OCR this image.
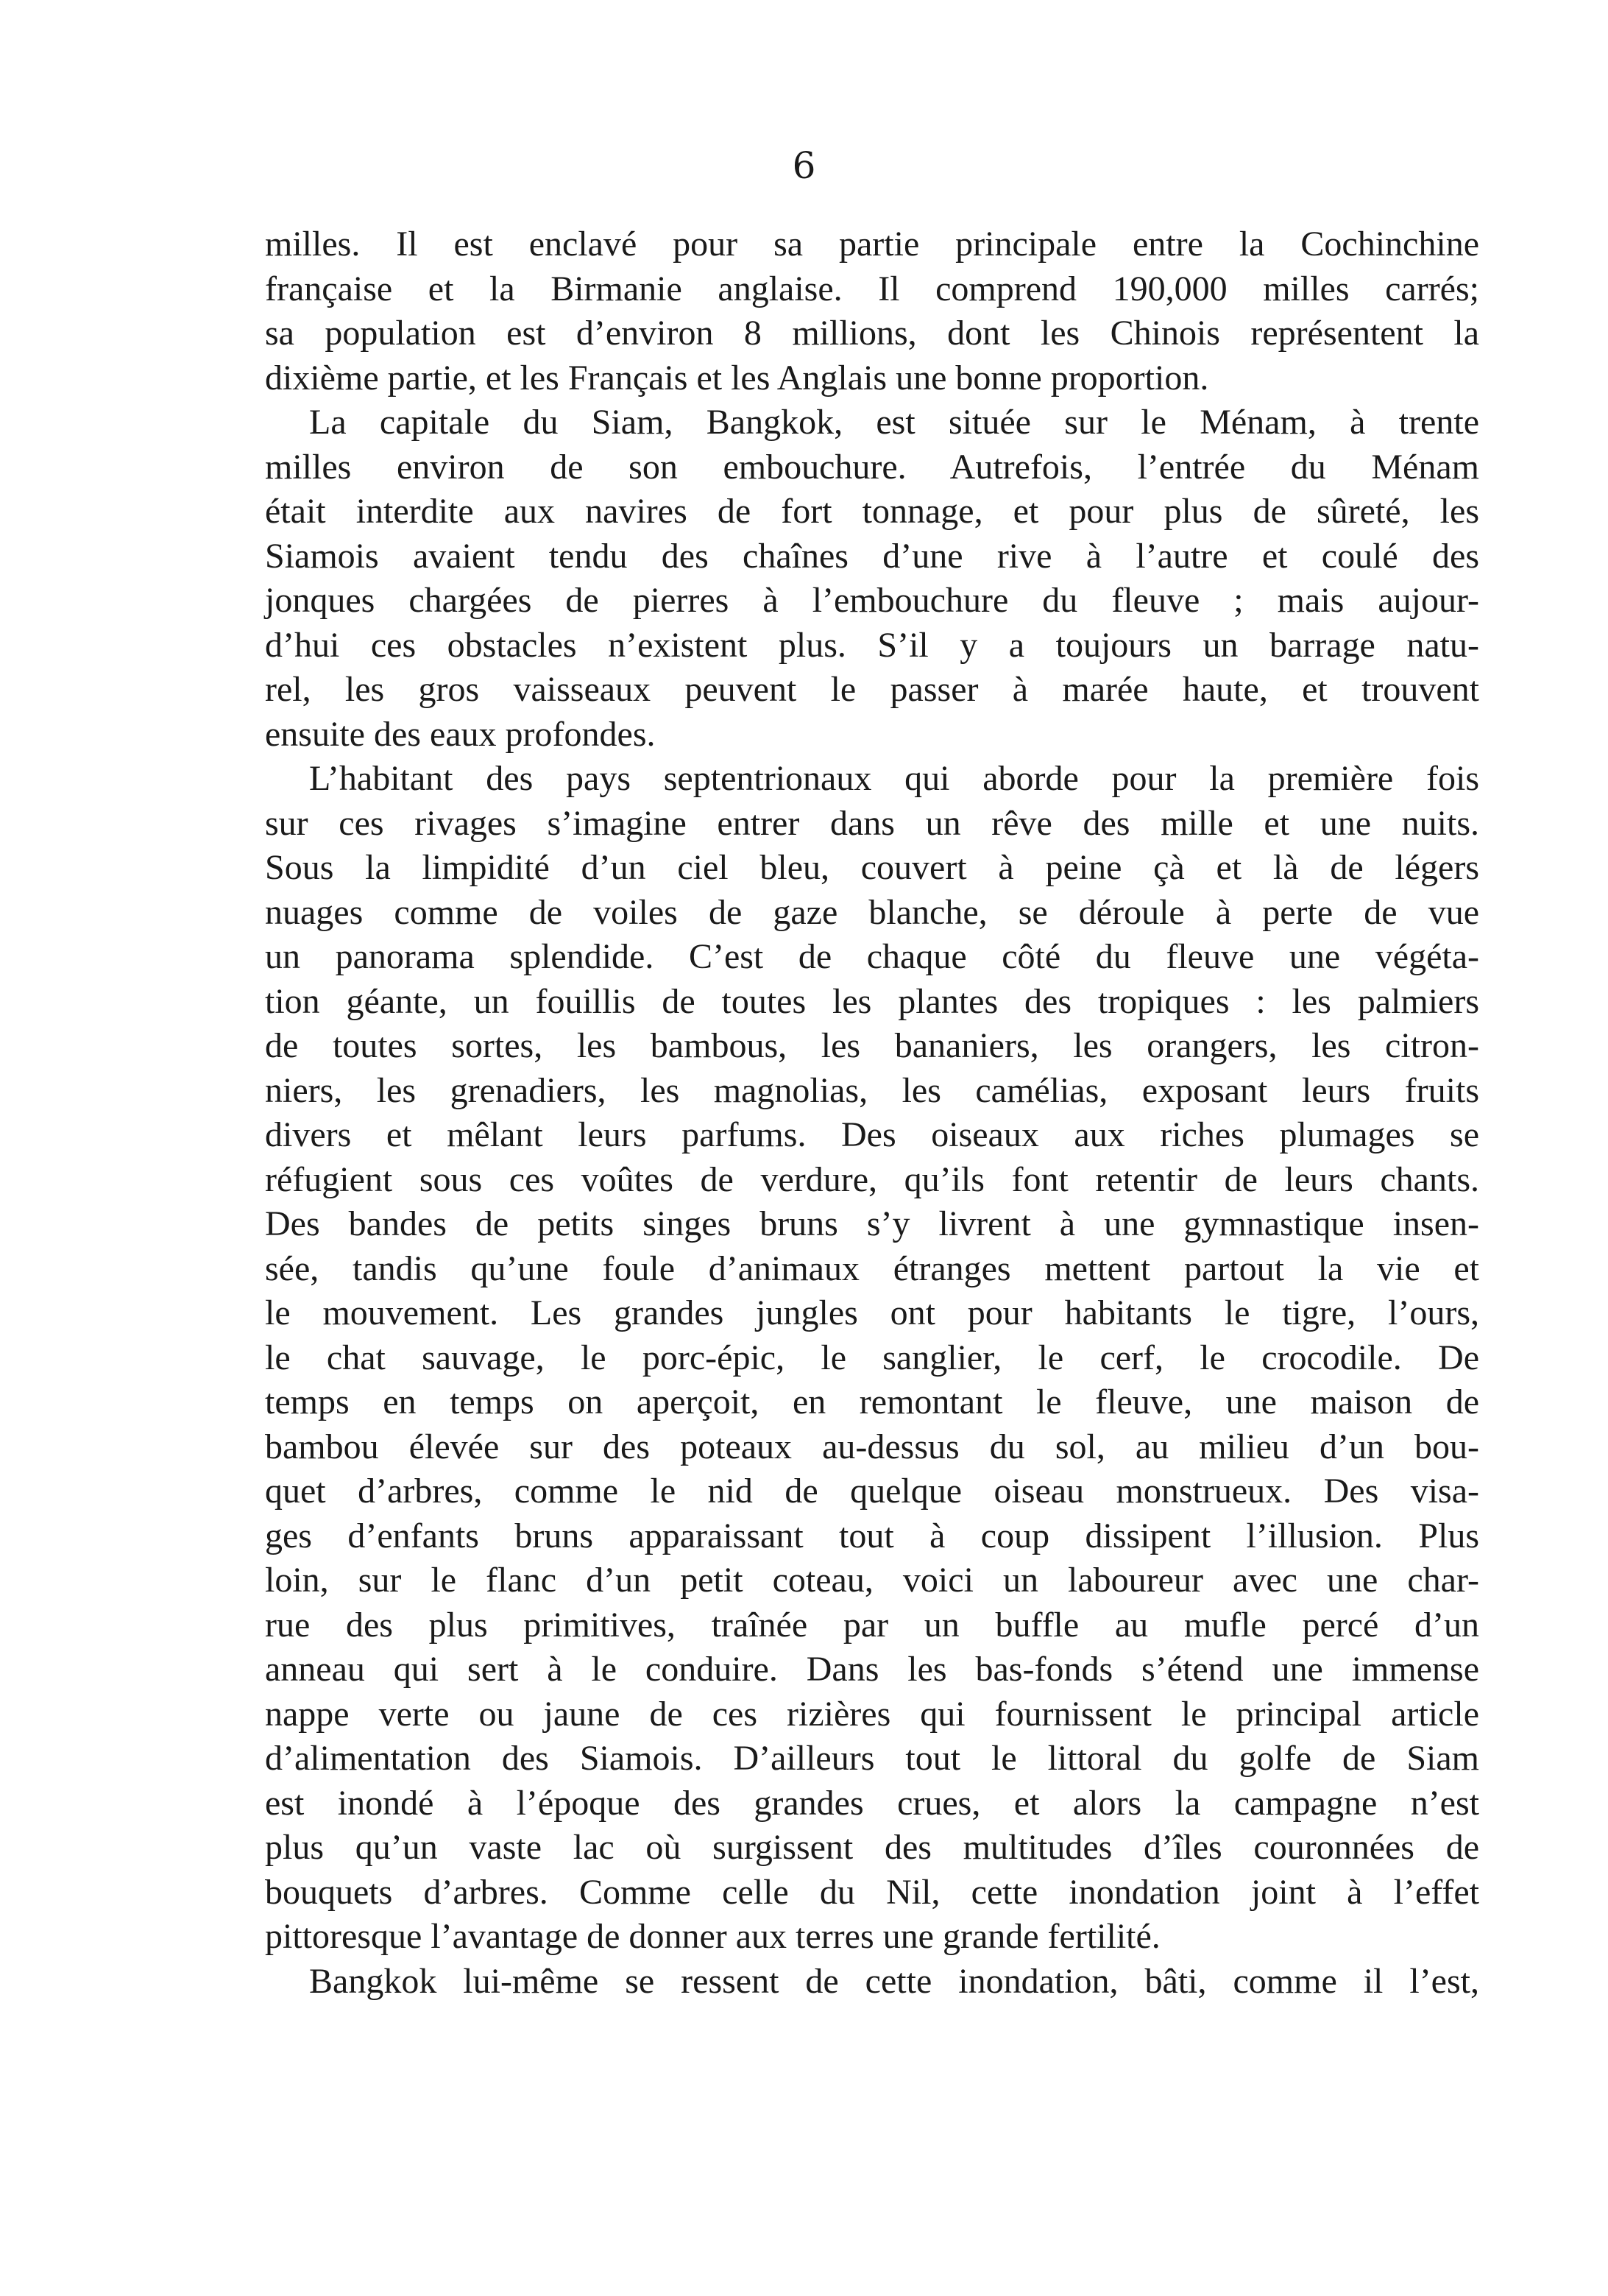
6
milles. Il est enclavé pour sa partie principale entre la Cochinchine
française et la Birmanie anglaise. Il comprend 190,000 milles carrés;
sa population est d’environ 8 millions, dont les Chinois représentent la
dixième partie, et les Français et les Anglais une bonne proportion.
La capitale du Siam, Bangkok, est située sur le Ménam, à trente
milles environ de son embouchure. Autrefois, l’entrée du Ménam
était interdite aux navires de fort tonnage, et pour plus de sûreté, les
Siamois avaient tendu des chaînes d’une rive à l’autre et coulé des
jonques chargées de pierres à l’embouchure du fleuve ; mais aujour-
d’hui ces obstacles n’existent plus. S’il y a toujours un barrage natu-
rel, les gros vaisseaux peuvent le passer à marée haute, et trouvent
ensuite des eaux profondes.
L’habitant des pays septentrionaux qui aborde pour la première fois
sur ces rivages s’imagine entrer dans un rêve des mille et une nuits.
Sous la limpidité d’un ciel bleu, couvert à peine çà et là de légers
nuages comme de voiles de gaze blanche, se déroule à perte de vue
un panorama splendide. C’est de chaque côté du fleuve une végéta-
tion géante, un fouillis de toutes les plantes des tropiques : les palmiers
de toutes sortes, les bambous, les bananiers, les orangers, les citron-
niers, les grenadiers, les magnolias, les camélias, exposant leurs fruits
divers et mêlant leurs parfums. Des oiseaux aux riches plumages se
réfugient sous ces voûtes de verdure, qu’ils font retentir de leurs chants.
Des bandes de petits singes bruns s’y livrent à une gymnastique insen-
sée, tandis qu’une foule d’animaux étranges mettent partout la vie et
le mouvement. Les grandes jungles ont pour habitants le tigre, l’ours,
le chat sauvage, le porc-épic, le sanglier, le cerf, le crocodile. De
temps en temps on aperçoit, en remontant le fleuve, une maison de
bambou élevée sur des poteaux au-dessus du sol, au milieu d’un bou-
quet d’arbres, comme le nid de quelque oiseau monstrueux. Des visa-
ges d’enfants bruns apparaissant tout à coup dissipent l’illusion. Plus
loin, sur le flanc d’un petit coteau, voici un laboureur avec une char-
rue des plus primitives, traînée par un buffle au mufle percé d’un
anneau qui sert à le conduire. Dans les bas-fonds s’étend une immense
nappe verte ou jaune de ces rizières qui fournissent le principal article
d’alimentation des Siamois. D’ailleurs tout le littoral du golfe de Siam
est inondé à l’époque des grandes crues, et alors la campagne n’est
plus qu’un vaste lac où surgissent des multitudes d’îles couronnées de
bouquets d’arbres. Comme celle du Nil, cette inondation joint à l’effet
pittoresque l’avantage de donner aux terres une grande fertilité.
Bangkok lui-même se ressent de cette inondation, bâti, comme il l’est,
